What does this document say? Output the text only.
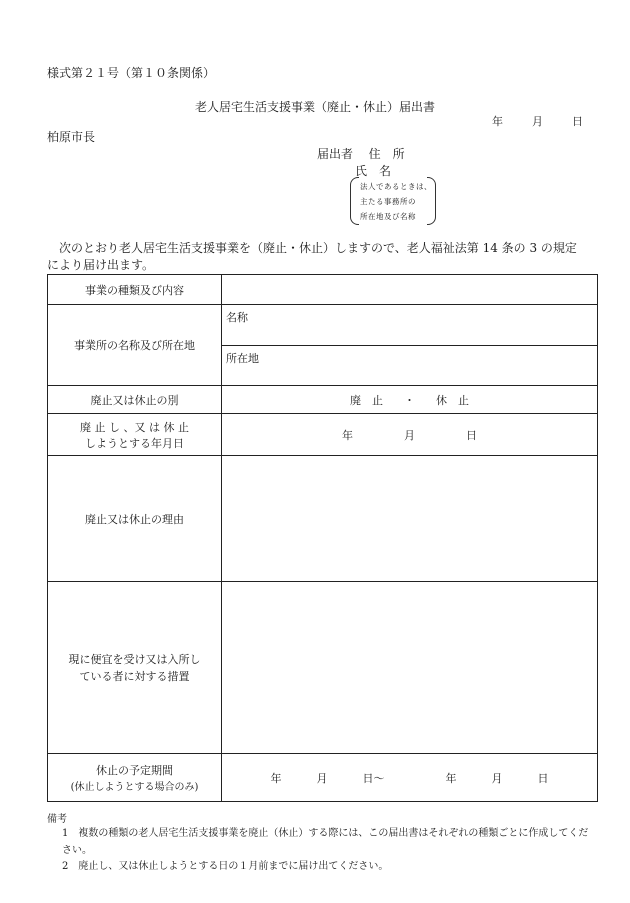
様式第２１号（第１０条関係）
老人居宅生活支援事業（廃止・休止）届出書
年	月	日
柏原市長
届出者 住　所
氏　名
法人であるときは、
主たる事務所の
所在地及び名称
次のとおり老人居宅生活支援事業を（廃止・休止）しますので、老人福祉法第 14 条の 3 の規定により届け出ます。
事業の種類及び内容	
事業所の名称及び所在地	名称
所在地

廃止又は休止の別	廃　止 ・ 休　止

廃 止 し 、又 は 休 止
しようとする年月日	年 月 日
廃止又は休止の理由	

現に便宜を受け又は入所し
ている者に対する措置	

休止の予定期間
(休止しようとする場合のみ)	年 月 日～ 年 月 日
備考
1　複数の種類の老人居宅生活支援事業を廃止（休止）する際には、この届出書はそれぞれの種類ごとに作成してください。
2　廃止し、又は休止しようとする日の１月前までに届け出てください。
